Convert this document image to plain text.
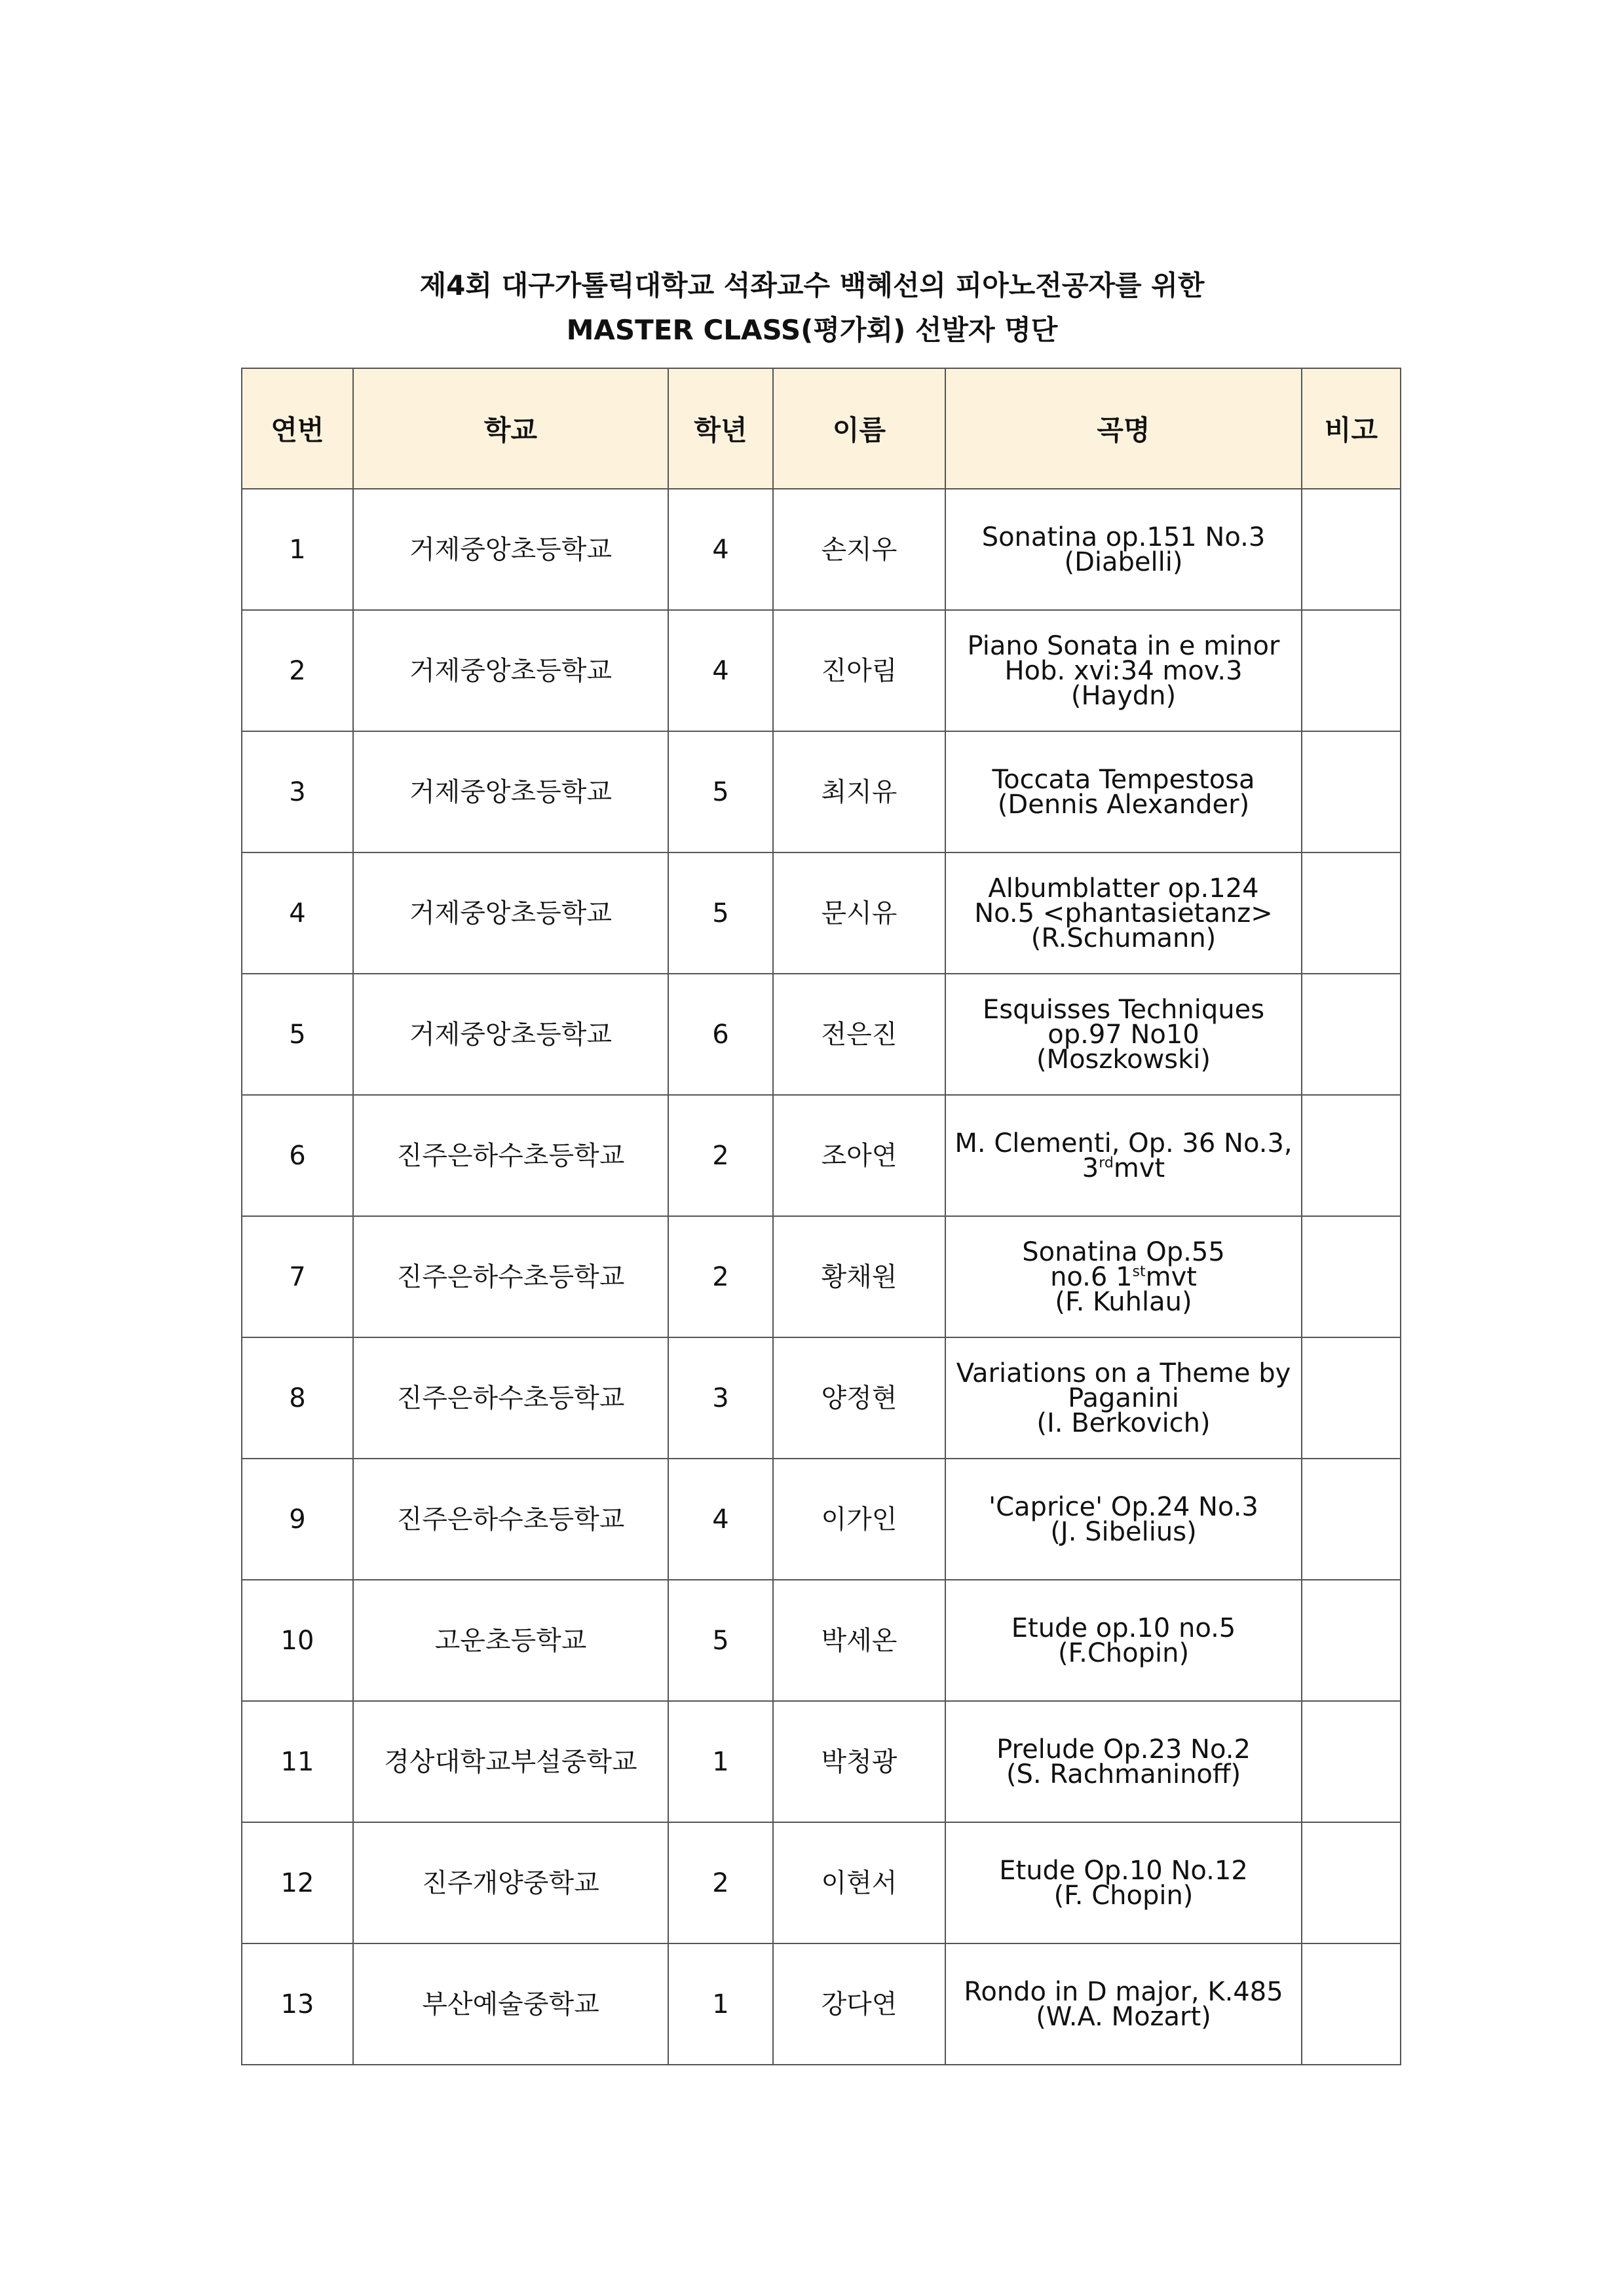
제4회 대구가톨릭대학교 석좌교수 백혜선의 피아노전공자를 위한
MASTER CLASS(평가회) 선발자 명단
연번	학교	학년	이름	곡명	비고
1	거제중앙초등학교	4	손지우	Sonatina op.151 No.3
(Diabelli)	

2	거제중앙초등학교	4	진아림	Piano Sonata in e minor
Hob. xvi:34 mov.3
(Haydn)	

3	거제중앙초등학교	5	최지유	Toccata Tempestosa
(Dennis Alexander)	

4	거제중앙초등학교	5	문시유	Albumblatter op.124
No.5 <phantasietanz>
(R.Schumann)	

5	거제중앙초등학교	6	전은진	Esquisses Techniques
op.97 No10
(Moszkowski)	

6	진주은하수초등학교	2	조아연	M. Clementi, Op. 36 No.3,
3rdmvt	

7	진주은하수초등학교	2	황채원	Sonatina Op.55
no.6 1stmvt
(F. Kuhlau)	

8	진주은하수초등학교	3	양정현	Variations on a Theme by
Paganini
(I. Berkovich)	

9	진주은하수초등학교	4	이가인	'Caprice' Op.24 No.3
(J. Sibelius)	

10	고운초등학교	5	박세온	Etude op.10 no.5 (F.Chopin)	

11	경상대학교부설중학교	1	박청광	Prelude Op.23 No.2
(S. Rachmaninoff)	

12	진주개양중학교	2	이현서	Etude Op.10 No.12
(F. Chopin)	

13	부산예술중학교	1	강다연	Rondo in D major, K.485
(W.A. Mozart)	
